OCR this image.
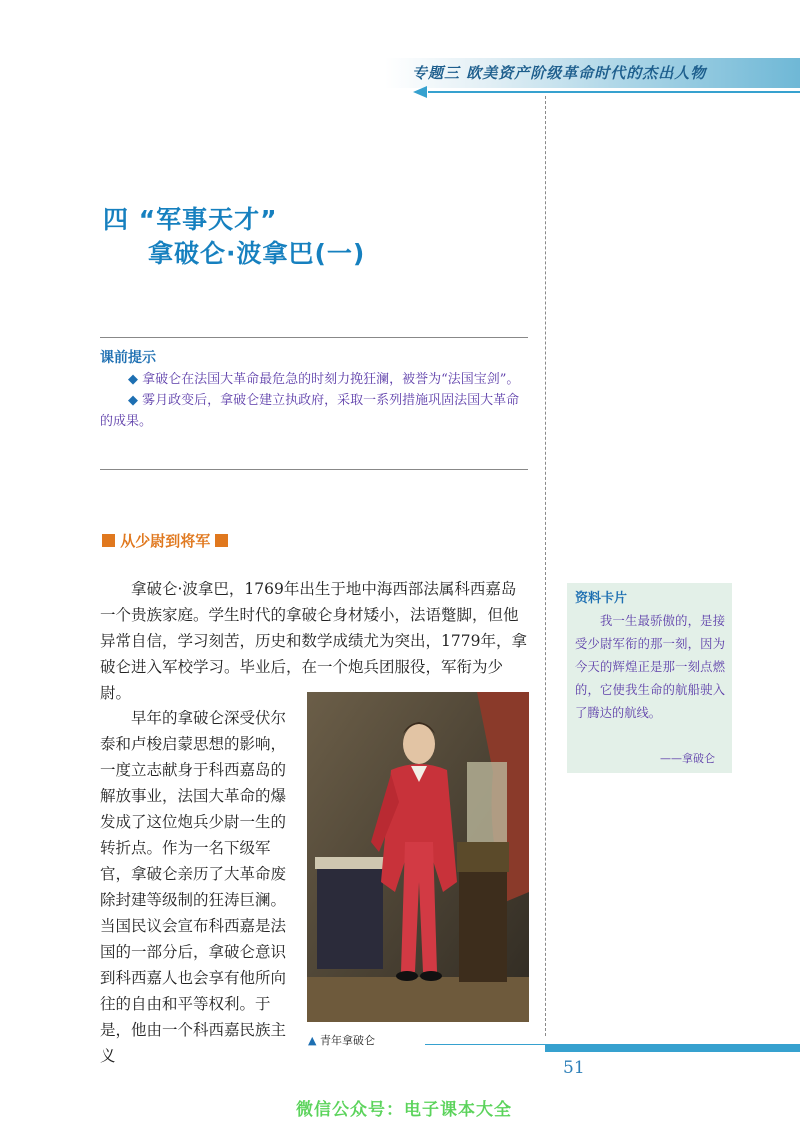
专题三 欧美资产阶级革命时代的杰出人物
四 “军事天才”
拿破仑·波拿巴(一)
课前提示

◆ 拿破仑在法国大革命最危急的时刻力挽狂澜，被誉为“法国宝剑”。

◆ 雾月政变后，拿破仑建立执政府，采取一系列措施巩固法国大革命的成果。

从少尉到将军

拿破仑·波拿巴，1769年出生于地中海西部法属科西嘉岛一个贵族家庭。学生时代的拿破仑身材矮小，法语蹩脚，但他异常自信，学习刻苦，历史和数学成绩尤为突出，1779年，拿破仑进入军校学习。毕业后，在一个炮兵团服役，军衔为少尉。

早年的拿破仑深受伏尔泰和卢梭启蒙思想的影响，一度立志献身于科西嘉岛的解放事业，法国大革命的爆发成了这位炮兵少尉一生的转折点。作为一名下级军官，拿破仑亲历了大革命废除封建等级制的狂涛巨澜。当国民议会宣布科西嘉是法国的一部分后，拿破仑意识到科西嘉人也会享有他所向往的自由和平等权利。于是，他由一个科西嘉民族主义

▲ 青年拿破仑
资料卡片

我一生最骄傲的，是接受少尉军衔的那一刻，因为今天的辉煌正是那一刻点燃的，它使我生命的航船驶入了腾达的航线。

——拿破仑
51
微信公众号：电子课本大全
